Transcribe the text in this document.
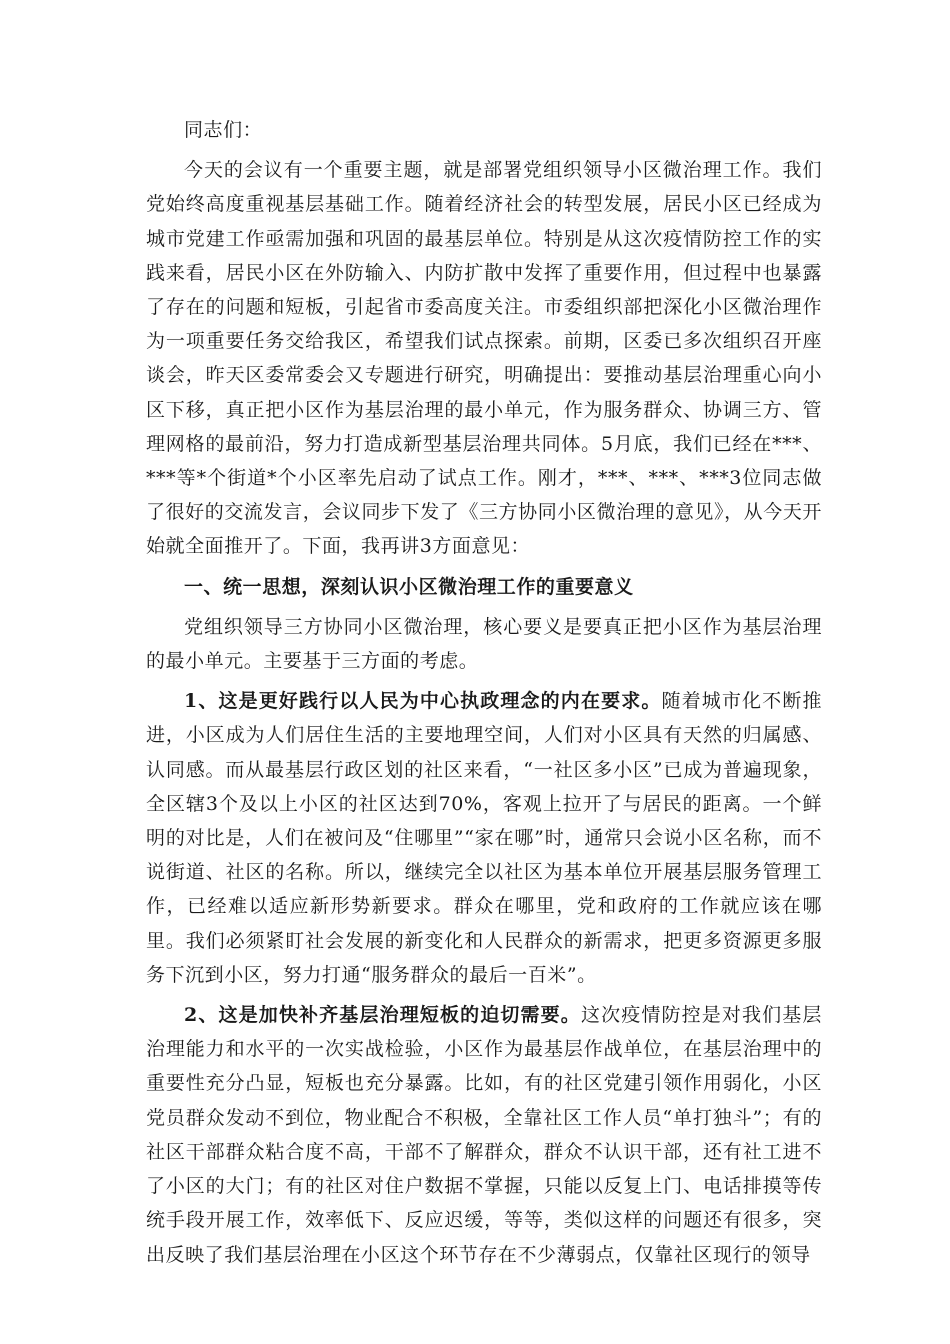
同志们：

今天的会议有一个重要主题，就是部署党组织领导小区微治理工作。我们党始终高度重视基层基础工作。随着经济社会的转型发展，居民小区已经成为城市党建工作亟需加强和巩固的最基层单位。特别是从这次疫情防控工作的实践来看，居民小区在外防输入、内防扩散中发挥了重要作用，但过程中也暴露了存在的问题和短板，引起省市委高度关注。市委组织部把深化小区微治理作为一项重要任务交给我区，希望我们试点探索。前期，区委已多次组织召开座谈会，昨天区委常委会又专题进行研究，明确提出：要推动基层治理重心向小区下移，真正把小区作为基层治理的最小单元，作为服务群众、协调三方、管理网格的最前沿，努力打造成新型基层治理共同体。5月底，我们已经在***、***等*个街道*个小区率先启动了试点工作。刚才，***、***、***3位同志做了很好的交流发言，会议同步下发了《三方协同小区微治理的意见》，从今天开始就全面推开了。下面，我再讲3方面意见：

一、统一思想，深刻认识小区微治理工作的重要意义

党组织领导三方协同小区微治理，核心要义是要真正把小区作为基层治理的最小单元。主要基于三方面的考虑。

1、这是更好践行以人民为中心执政理念的内在要求。随着城市化不断推进，小区成为人们居住生活的主要地理空间，人们对小区具有天然的归属感、认同感。而从最基层行政区划的社区来看，“一社区多小区”已成为普遍现象，全区辖3个及以上小区的社区达到70%，客观上拉开了与居民的距离。一个鲜明的对比是，人们在被问及“住哪里”“家在哪”时，通常只会说小区名称，而不说街道、社区的名称。所以，继续完全以社区为基本单位开展基层服务管理工作，已经难以适应新形势新要求。群众在哪里，党和政府的工作就应该在哪里。我们必须紧盯社会发展的新变化和人民群众的新需求，把更多资源更多服务下沉到小区，努力打通“服务群众的最后一百米”。

2、这是加快补齐基层治理短板的迫切需要。这次疫情防控是对我们基层治理能力和水平的一次实战检验，小区作为最基层作战单位，在基层治理中的重要性充分凸显，短板也充分暴露。比如，有的社区党建引领作用弱化，小区党员群众发动不到位，物业配合不积极，全靠社区工作人员“单打独斗”；有的社区干部群众粘合度不高，干部不了解群众，群众不认识干部，还有社工进不了小区的大门；有的社区对住户数据不掌握，只能以反复上门、电话排摸等传统手段开展工作，效率低下、反应迟缓，等等，类似这样的问题还有很多，突出反映了我们基层治理在小区这个环节存在不少薄弱点，仅靠社区现行的领导
